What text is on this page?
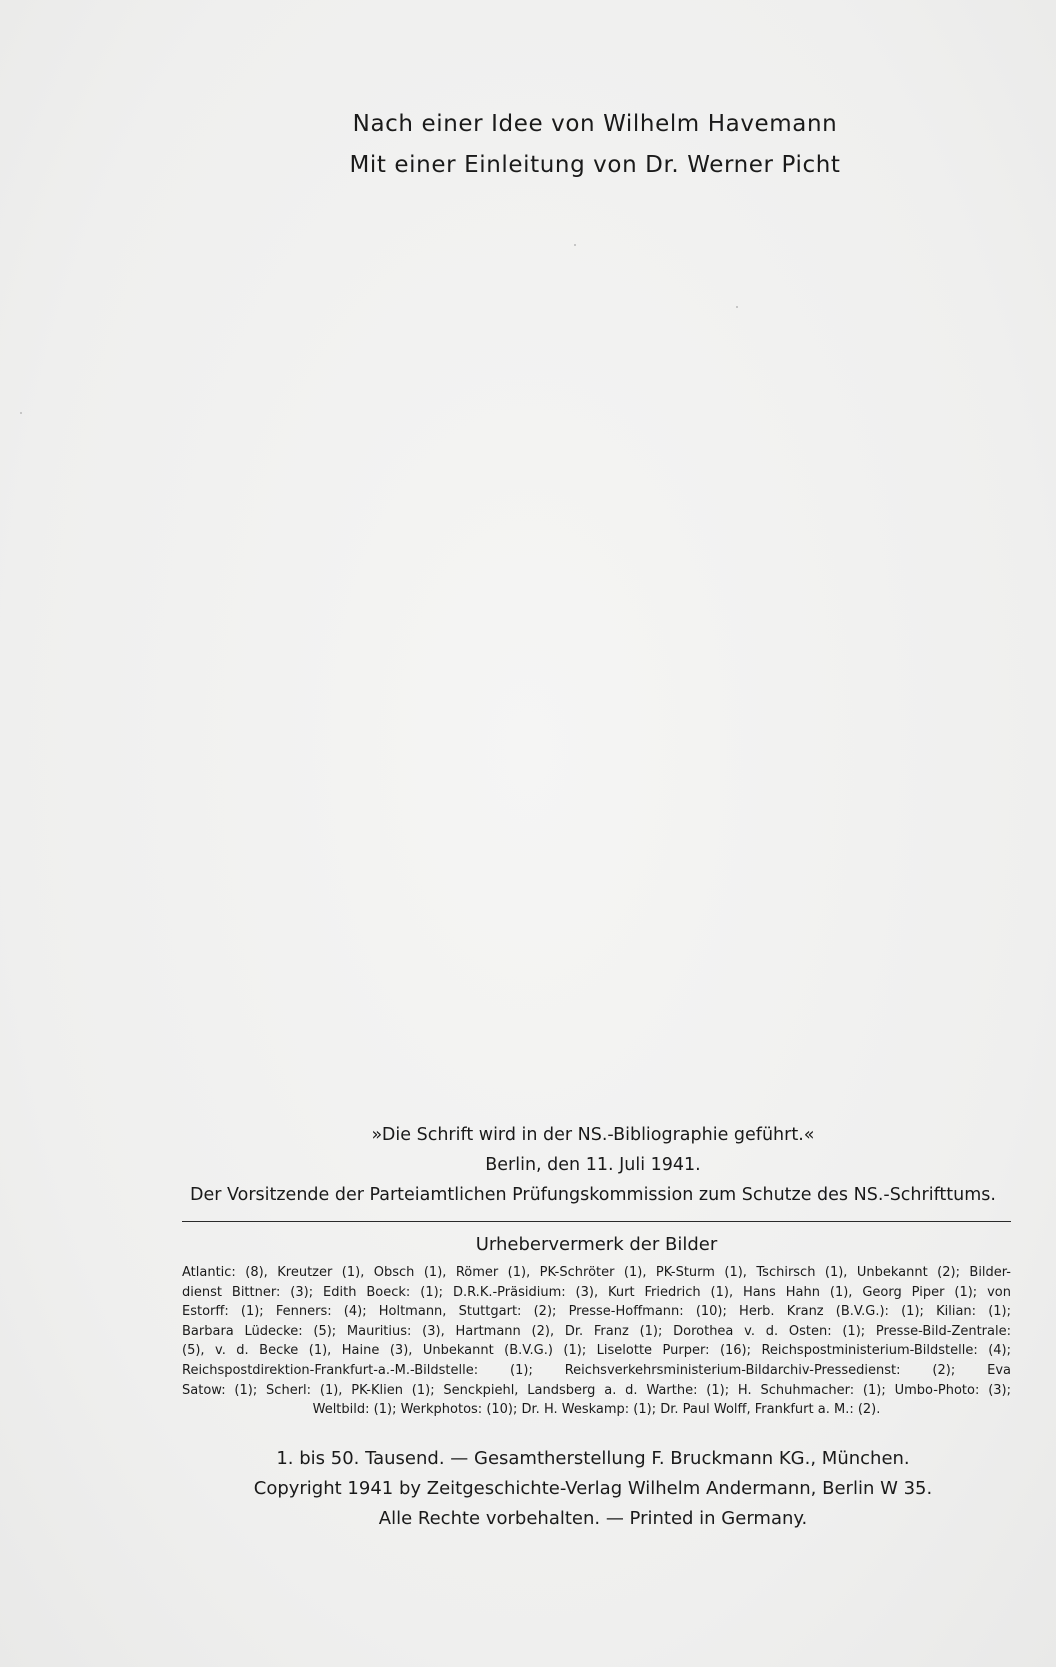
Nach einer Idee von Wilhelm Havemann
Mit einer Einleitung von Dr. Werner Picht
»Die Schrift wird in der NS.-Bibliographie geführt.«
Berlin, den 11. Juli 1941.
Der Vorsitzende der Parteiamtlichen Prüfungskommission zum Schutze des NS.-Schrifttums.
Urhebervermerk der Bilder
Atlantic: (8), Kreutzer (1), Obsch (1), Römer (1), PK-Schröter (1), PK-Sturm (1), Tschirsch (1), Unbekannt (2); Bilder-
dienst Bittner: (3); Edith Boeck: (1); D.R.K.-Präsidium: (3), Kurt Friedrich (1), Hans Hahn (1), Georg Piper (1); von
Estorff: (1); Fenners: (4); Holtmann, Stuttgart: (2); Presse-Hoffmann: (10); Herb. Kranz (B.V.G.): (1); Kilian: (1);
Barbara Lüdecke: (5); Mauritius: (3), Hartmann (2), Dr. Franz (1); Dorothea v. d. Osten: (1); Presse-Bild-Zentrale:
(5), v. d. Becke (1), Haine (3), Unbekannt (B.V.G.) (1); Liselotte Purper: (16); Reichspostministerium-Bildstelle: (4);
Reichspostdirektion-Frankfurt-a.-M.-Bildstelle: (1); Reichsverkehrsministerium-Bildarchiv-Pressedienst: (2); Eva
Satow: (1); Scherl: (1), PK-Klien (1); Senckpiehl, Landsberg a. d. Warthe: (1); H. Schuhmacher: (1); Umbo-Photo: (3);
Weltbild: (1); Werkphotos: (10); Dr. H. Weskamp: (1); Dr. Paul Wolff, Frankfurt a. M.: (2).
1. bis 50. Tausend. — Gesamtherstellung F. Bruckmann KG., München.
Copyright 1941 by Zeitgeschichte-Verlag Wilhelm Andermann, Berlin W 35.
Alle Rechte vorbehalten. — Printed in Germany.
